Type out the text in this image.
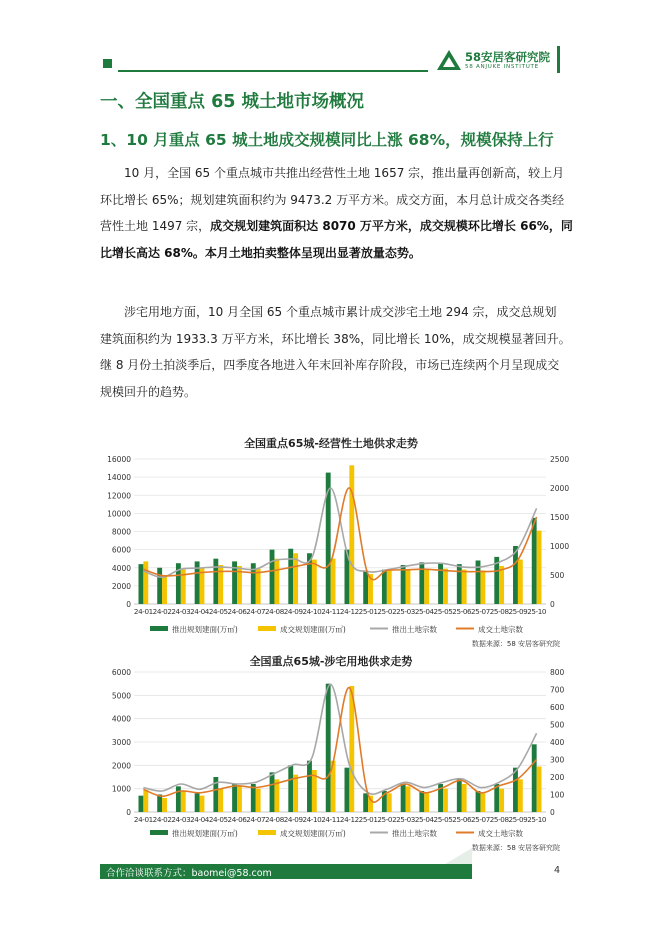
58安居客研究院
58 ANJUKE INSTITUTE
一、全国重点 65 城土地市场概况
1、10 月重点 65 城土地成交规模同比上涨 68%，规模保持上行
10 月，全国 65 个重点城市共推出经营性土地 1657 宗，推出量再创新高，较上月
环比增长 65%；规划建筑面积约为 9473.2 万平方米。成交方面，本月总计成交各类经
营性土地 1497 宗，成交规划建筑面积达 8070 万平方米，成交规模环比增长 66%，同
比增长高达 68%。本月土地拍卖整体呈现出显著放量态势。
涉宅用地方面，10 月全国 65 个重点城市累计成交涉宅土地 294 宗，成交总规划
建筑面积约为 1933.3 万平方米，环比增长 38%，同比增长 10%，成交规模显著回升。
继 8 月份土拍淡季后，四季度各地进入年末回补库存阶段，市场已连续两个月呈现成交
规模回升的趋势。
全国重点65城-经营性土地供求走势
0
2000
4000
6000
8000
10000
12000
14000
16000
0
500
1000
1500
2000
2500
24-01 24-02 24-03 24-04 24-05 24-06 24-07 24-08 24-09 24-10 24-11 24-12 25-01 25-02 25-03 25-04 25-05 25-06 25-07 25-08 25-09 25-10
推出规划建面(万㎡)	成交规划建面(万㎡)	推出土地宗数	成交土地宗数
数据来源：58 安居客研究院
全国重点65城-涉宅用地供求走势
0
1000
2000
3000
4000
5000
6000
0
100
200
300
400
500
600
700
800
24-01 24-02 24-03 24-04 24-05 24-06 24-07 24-08 24-09 24-10 24-11 24-12 25-01 25-02 25-03 25-04 25-05 25-06 25-07 25-08 25-09 25-10
推出规划建面(万㎡)	成交规划建面(万㎡)	推出土地宗数	成交土地宗数
数据来源：58 安居客研究院
合作洽谈联系方式：baomei@58.com	4
